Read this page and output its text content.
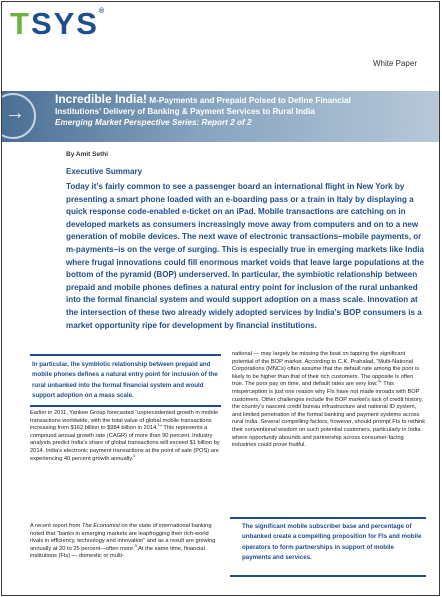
TSYS®
White Paper
→
Incredible India! M-Payments and Prepaid Poised to Define Financial
Institutions’ Delivery of Banking & Payment Services to Rural India
Emerging Market Perspective Series: Report 2 of 2
By Amit Sethi
Executive Summary

Today it’s fairly common to see a passenger board an international flight in New York by presenting a smart phone loaded with an e-boarding pass or a train in Italy by displaying a quick response code-enabled e-ticket on an iPad. Mobile transactions are catching on in developed markets as consumers increasingly move away from computers and on to a new generation of mobile devices. The next wave of electronic transactions–mobile payments, or m-payments–is on the verge of surging. This is especially true in emerging markets like India where frugal innovations could fill enormous market voids that leave large populations at the bottom of the pyramid (BOP) underserved. In particular, the symbiotic relationship between prepaid and mobile phones defines a natural entry point for inclusion of the rural unbanked into the formal financial system and would support adoption on a mass scale. Innovation at the intersection of these two already widely adopted services by India’s BOP consumers is a market opportunity ripe for development by financial institutions.

In particular, the symbiotic relationship between prepaid and mobile phones defines a natural entry point for inclusion of the rural unbanked into the formal financial system and would support adoption on a mass scale.

Earlier in 2011, Yankee Group forecasted “unprecedented growth in mobile transactions worldwide, with the total value of global mobile transactions increasing from $162 billion to $984 billion in 2014.$^1$” This represents a compound annual growth rate (CAGR) of more than 90 percent. Industry analysts predict India’s share of global transactions will exceed $1 billion by 2014. India’s electronic payment transactions at the point of sale (POS) are experiencing 40 percent growth annually.$^2$

A recent report from The Economist on the state of international banking noted that “banks in emerging markets are leapfrogging their rich-world rivals in efficiency, technology and innovation” and as a result are growing annually at 20 to 25 percent—often more.$^3$ At the same time, financial institutions (FIs) — domestic or multi-

national — may largely be missing the boat on tapping the significant potential of the BOP market. According to C.K. Prahalad, “Multi-National Corporations (MNCs) often assume that the default rate among the poor is likely to be higher than that of their rich customers. The opposite is often true. The poor pay on time, and default rates are very low.$^4$” This misperception is just one reason why FIs have not made inroads with BOP customers. Other challenges include the BOP market’s lack of credit history, the country’s nascent credit bureau infrastructure and national ID system, and limited penetration of the formal banking and payment systems across rural India. Several compelling factors, however, should prompt FIs to rethink their conventional wisdom on such potential customers, particularly in India where opportunity abounds and partnership across consumer-facing industries could prove fruitful.

The significant mobile subscriber base and percentage of unbanked create a compelling proposition for FIs and mobile operators to form partnerships in support of mobile payments and services.
